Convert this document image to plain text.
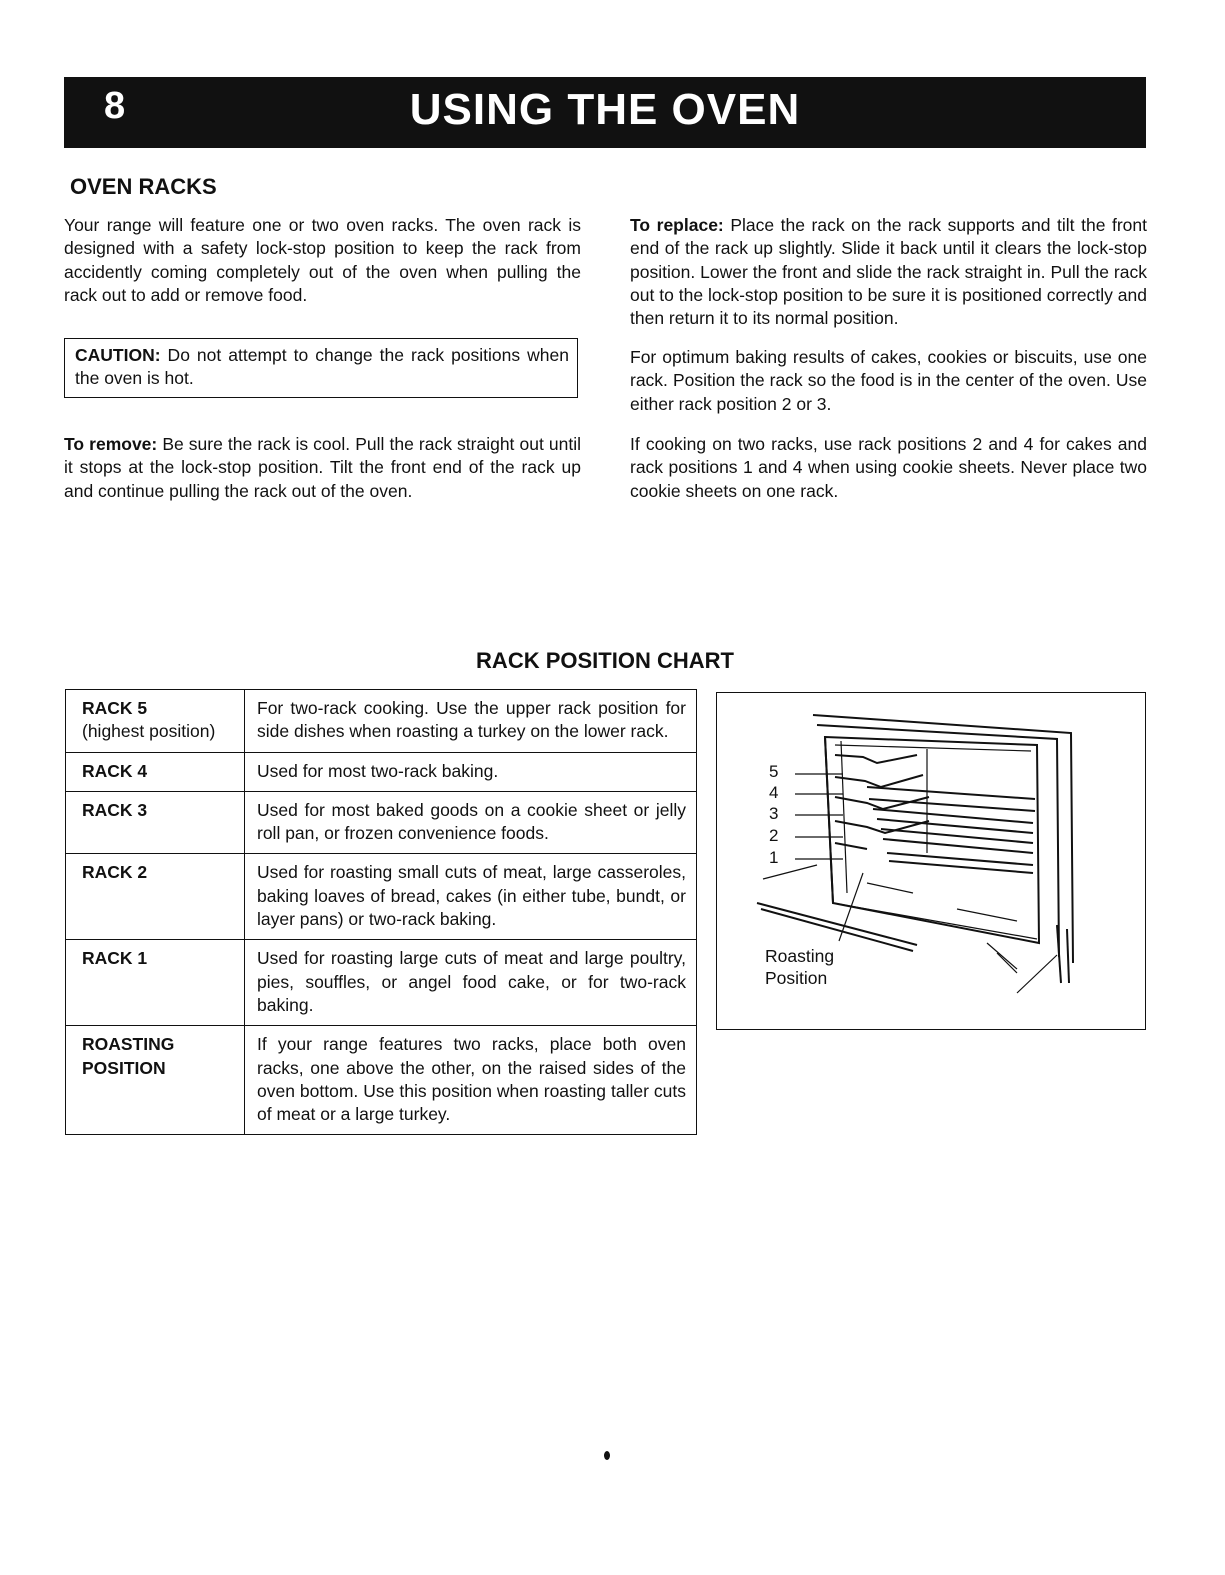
8	USING THE OVEN
OVEN RACKS
Your range will feature one or two oven racks. The oven rack is designed with a safety lock-stop position to keep the rack from accidently coming completely out of the oven when pulling the rack out to add or remove food.
CAUTION: Do not attempt to change the rack positions when the oven is hot.
To remove: Be sure the rack is cool. Pull the rack straight out until it stops at the lock-stop position. Tilt the front end of the rack up and continue pulling the rack out of the oven.
To replace: Place the rack on the rack supports and tilt the front end of the rack up slightly. Slide it back until it clears the lock-stop position. Lower the front and slide the rack straight in. Pull the rack out to the lock-stop position to be sure it is positioned correctly and then return it to its normal position.
For optimum baking results of cakes, cookies or biscuits, use one rack. Position the rack so the food is in the center of the oven. Use either rack position 2 or 3.
If cooking on two racks, use rack positions 2 and 4 for cakes and rack positions 1 and 4 when using cookie sheets. Never place two cookie sheets on one rack.
RACK POSITION CHART
RACK 5
(highest position)	For two-rack cooking. Use the upper rack position for side dishes when roasting a turkey on the lower rack.

RACK 4	Used for most two-rack baking.

RACK 3	Used for most baked goods on a cookie sheet or jelly roll pan, or frozen convenience foods.

RACK 2	Used for roasting small cuts of meat, large casseroles, baking loaves of bread, cakes (in either tube, bundt, or layer pans) or two-rack baking.

RACK 1	Used for roasting large cuts of meat and large poultry, pies, souffles, or angel food cake, or for two-rack baking.

ROASTING
POSITION	If your range features two racks, place both oven racks, one above the other, on the raised sides of the oven bottom. Use this position when roasting taller cuts of meat or a large turkey.
5
4
3
2
1
Roasting
Position
